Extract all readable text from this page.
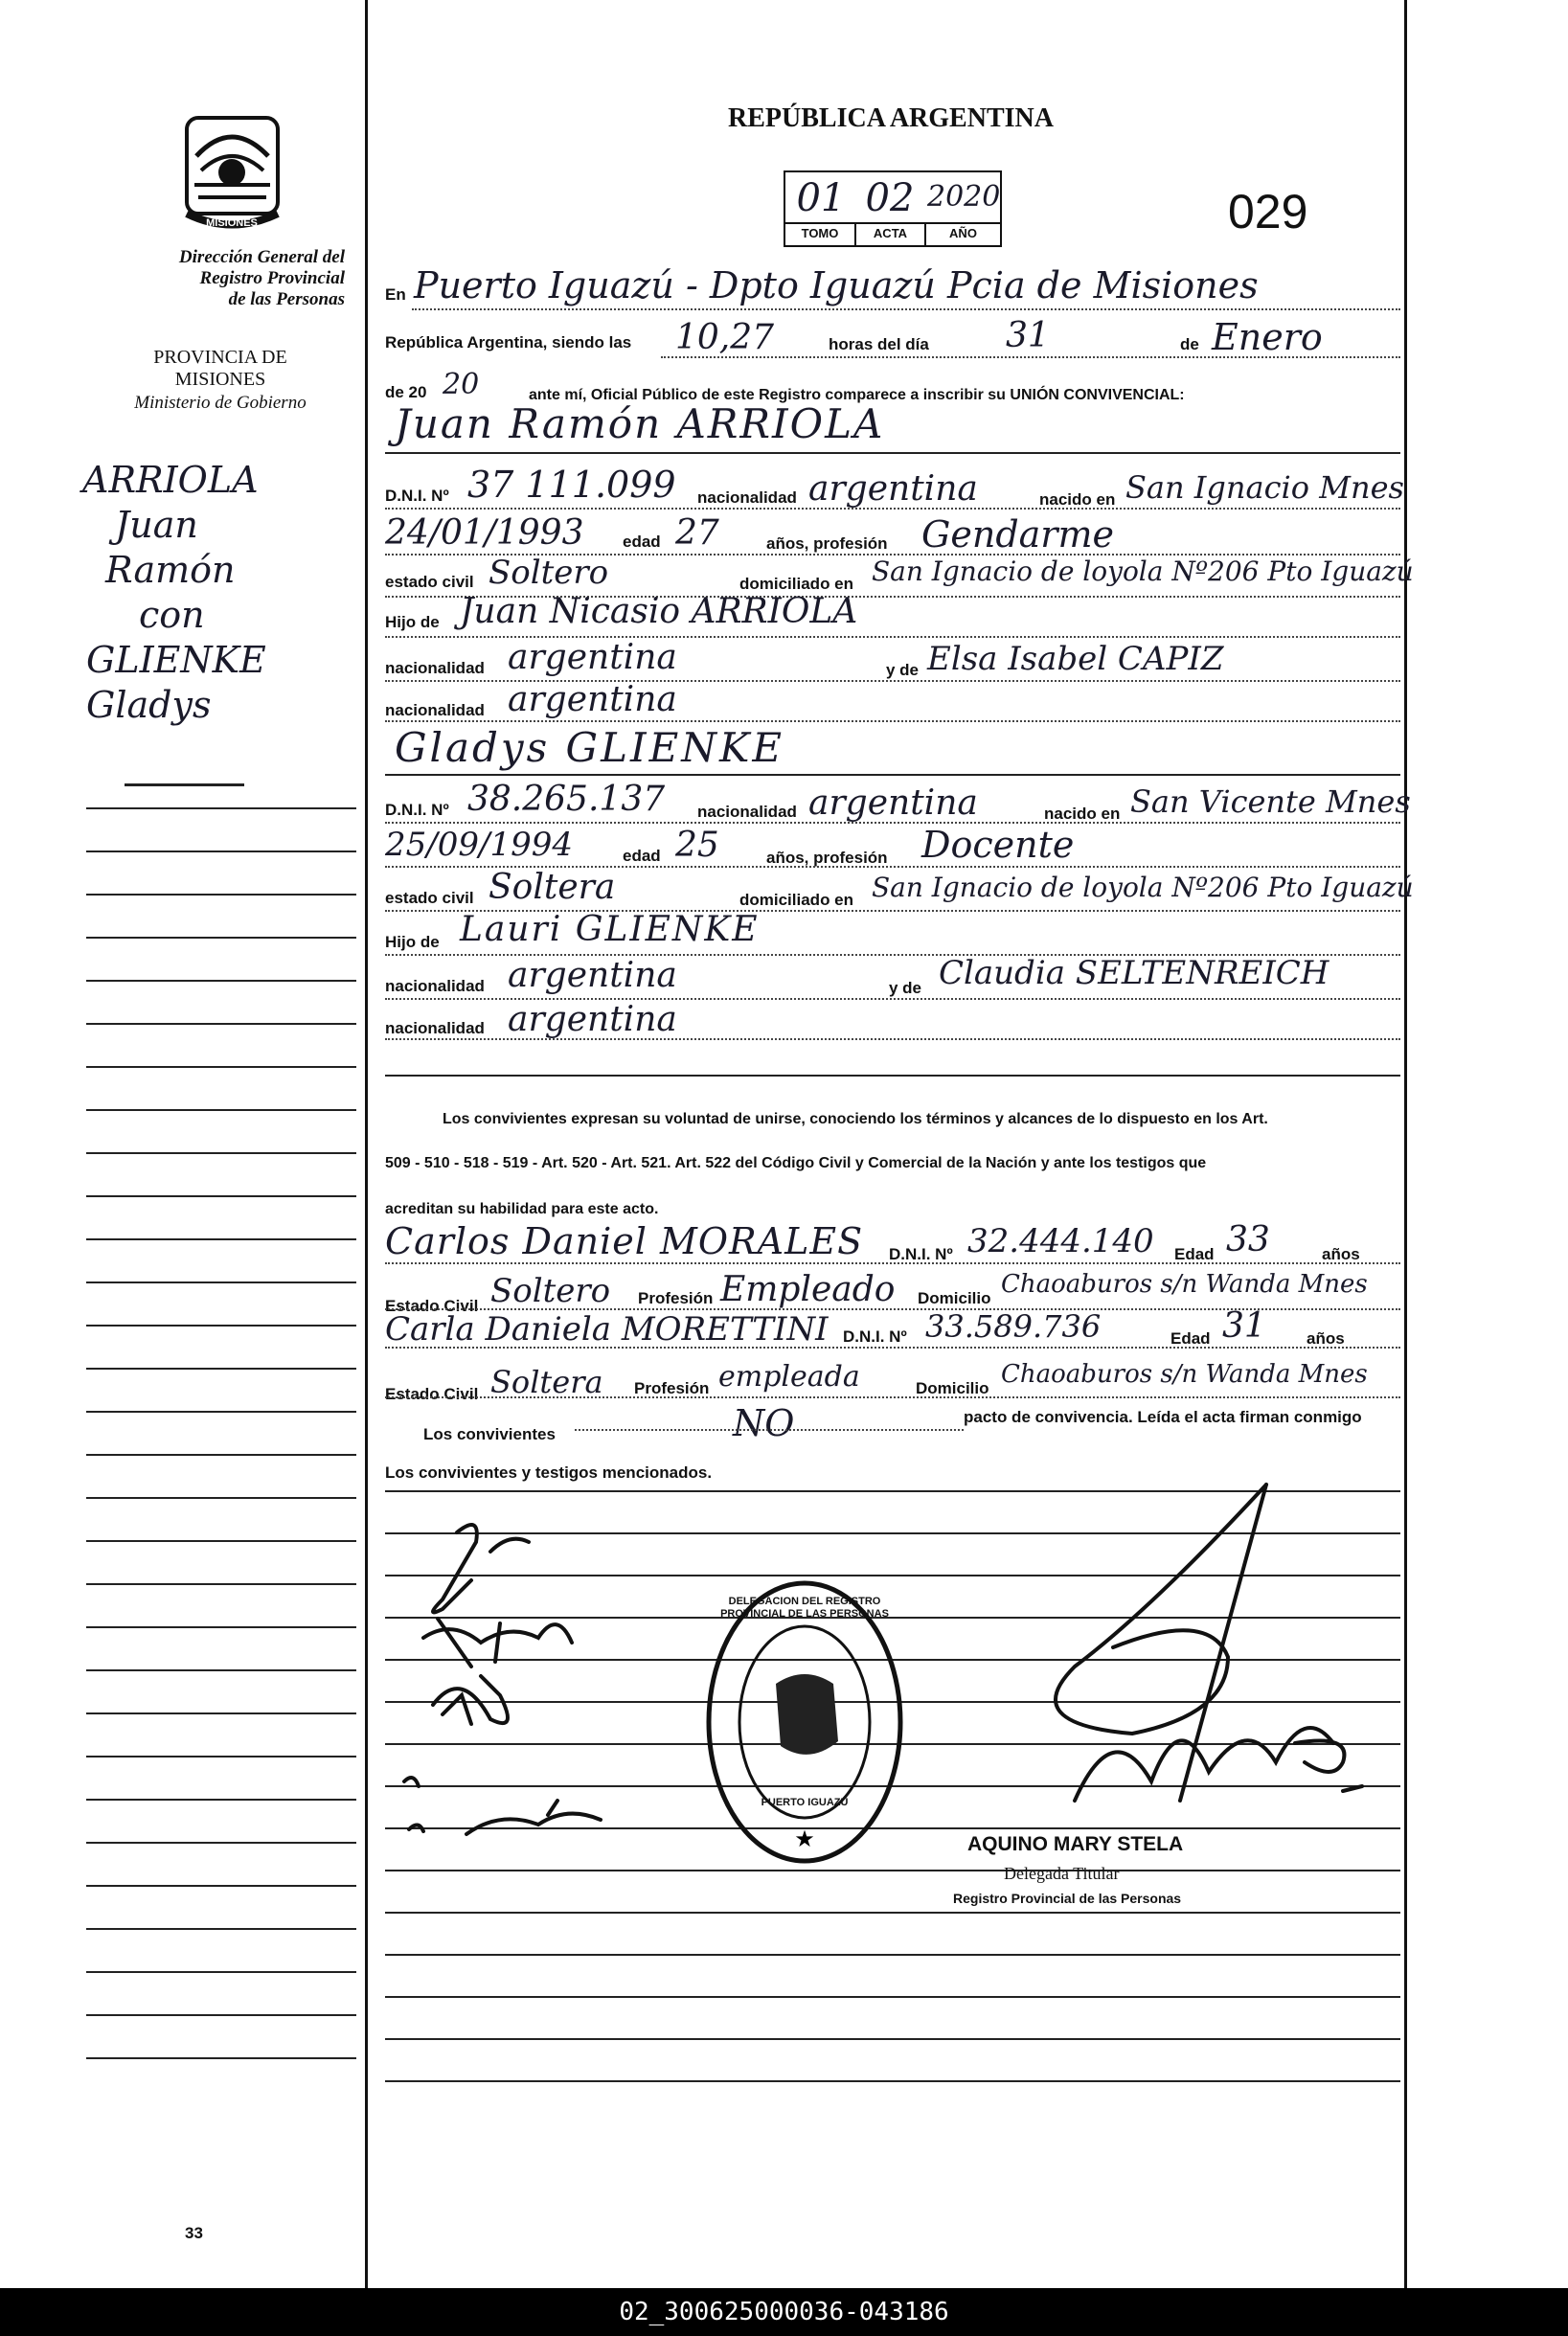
MISIONES
Dirección General del
Registro Provincial
de las Personas
PROVINCIA DE
MISIONES
Ministerio de Gobierno
ARRIOLA
Juan
Ramón
con
GLIENKE
Gladys
33
REPÚBLICA ARGENTINA
01 02 2020
TOMO	ACTA	AÑO	029
En Puerto Iguazú - Dpto Iguazú Pcia de Misiones
República Argentina, siendo las 10,27	horas del día 31	de Enero
de 20 20	ante mí, Oficial Público de este Registro comparece a inscribir su UNIÓN CONVIVENCIAL:
Juan Ramón ARRIOLA
D.N.I. Nº 37 111.099 nacionalidad argentina	nacido en San Ignacio Mnes
24/01/1993 edad 27	años, profesión Gendarme
estado civil Soltero	domiciliado en San Ignacio de loyola Nº206 Pto Iguazú
Hijo de Juan Nicasio ARRIOLA
nacionalidad argentina	y de Elsa Isabel CAPIZ
nacionalidad argentina
Gladys GLIENKE
D.N.I. Nº 38.265.137 nacionalidad argentina	nacido en San Vicente Mnes
25/09/1994	edad 25	años, profesión Docente
estado civil Soltera	domiciliado en San Ignacio de loyola Nº206 Pto Iguazú
Hijo de Lauri GLIENKE
nacionalidad argentina	y de Claudia SELTENREICH
nacionalidad argentina
Los convivientes expresan su voluntad de unirse, conociendo los términos y alcances de lo dispuesto en los Art.
509 - 510 - 518 - 519 - Art. 520 - Art. 521. Art. 522 del Código Civil y Comercial de la Nación y ante los testigos que
acreditan su habilidad para este acto.
Carlos Daniel MORALES D.N.I. Nº 32.444.140 Edad 33	años
Estado Civil Soltero Profesión Empleado Domicilio Chaoaburos s/n Wanda Mnes
Carla Daniela MORETTINI D.N.I. Nº 33.589.736	Edad 31 años
Estado Civil Soltera Profesión empleada	Domicilio Chaoaburos s/n Wanda Mnes
Los convivientes	NO	pacto de convivencia. Leída el acta firman conmigo
Los convivientes y testigos mencionados.
★
DELEGACION DEL REGISTRO PROVINCIAL DE LAS PERSONAS
PUERTO IGUAZU
AQUINO MARY STELA
Delegada Titular
Registro Provincial de las Personas
02_300625000036-043186
